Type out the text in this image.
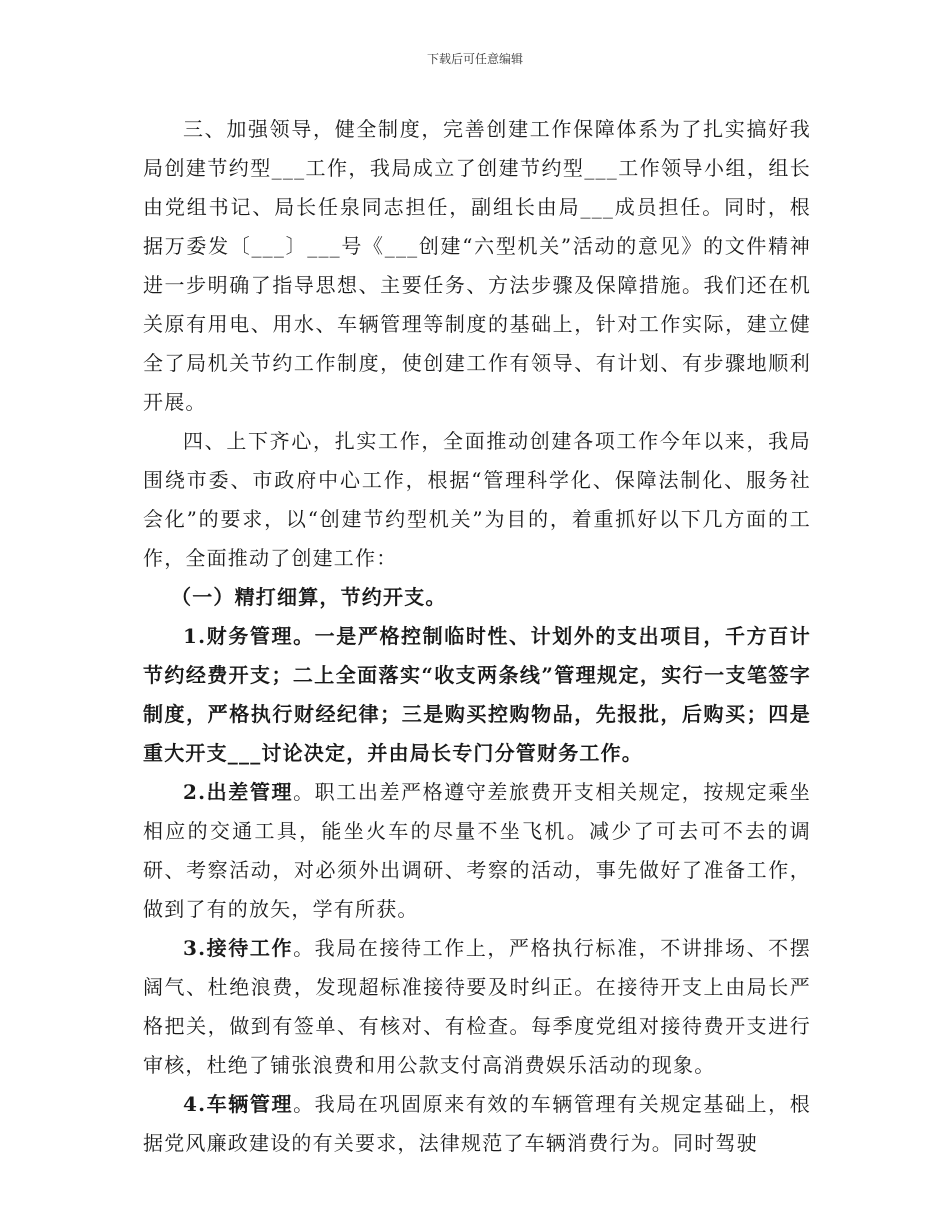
下载后可任意编辑

三、加强领导，健全制度，完善创建工作保障体系为了扎实搞好我局创建节约型___工作，我局成立了创建节约型___工作领导小组，组长由党组书记、局长任泉同志担任，副组长由局___成员担任。同时，根据万委发〔___〕___号《___创建“六型机关”活动的意见》的文件精神进一步明确了指导思想、主要任务、方法步骤及保障措施。我们还在机关原有用电、用水、车辆管理等制度的基础上，针对工作实际，建立健全了局机关节约工作制度，使创建工作有领导、有计划、有步骤地顺利开展。

四、上下齐心，扎实工作，全面推动创建各项工作今年以来，我局围绕市委、市政府中心工作，根据“管理科学化、保障法制化、服务社会化”的要求，以“创建节约型机关”为目的，着重抓好以下几方面的工作，全面推动了创建工作：

（一）精打细算，节约开支。

1.财务管理。一是严格控制临时性、计划外的支出项目，千方百计节约经费开支；二上全面落实“收支两条线”管理规定，实行一支笔签字制度，严格执行财经纪律；三是购买控购物品，先报批，后购买；四是重大开支___讨论决定，并由局长专门分管财务工作。

2.出差管理。职工出差严格遵守差旅费开支相关规定，按规定乘坐相应的交通工具，能坐火车的尽量不坐飞机。减少了可去可不去的调研、考察活动，对必须外出调研、考察的活动，事先做好了准备工作，做到了有的放矢，学有所获。

3.接待工作。我局在接待工作上，严格执行标准，不讲排场、不摆阔气、杜绝浪费，发现超标准接待要及时纠正。在接待开支上由局长严格把关，做到有签单、有核对、有检查。每季度党组对接待费开支进行审核，杜绝了铺张浪费和用公款支付高消费娱乐活动的现象。

4.车辆管理。我局在巩固原来有效的车辆管理有关规定基础上，根据党风廉政建设的有关要求，法律规范了车辆消费行为。同时驾驶
